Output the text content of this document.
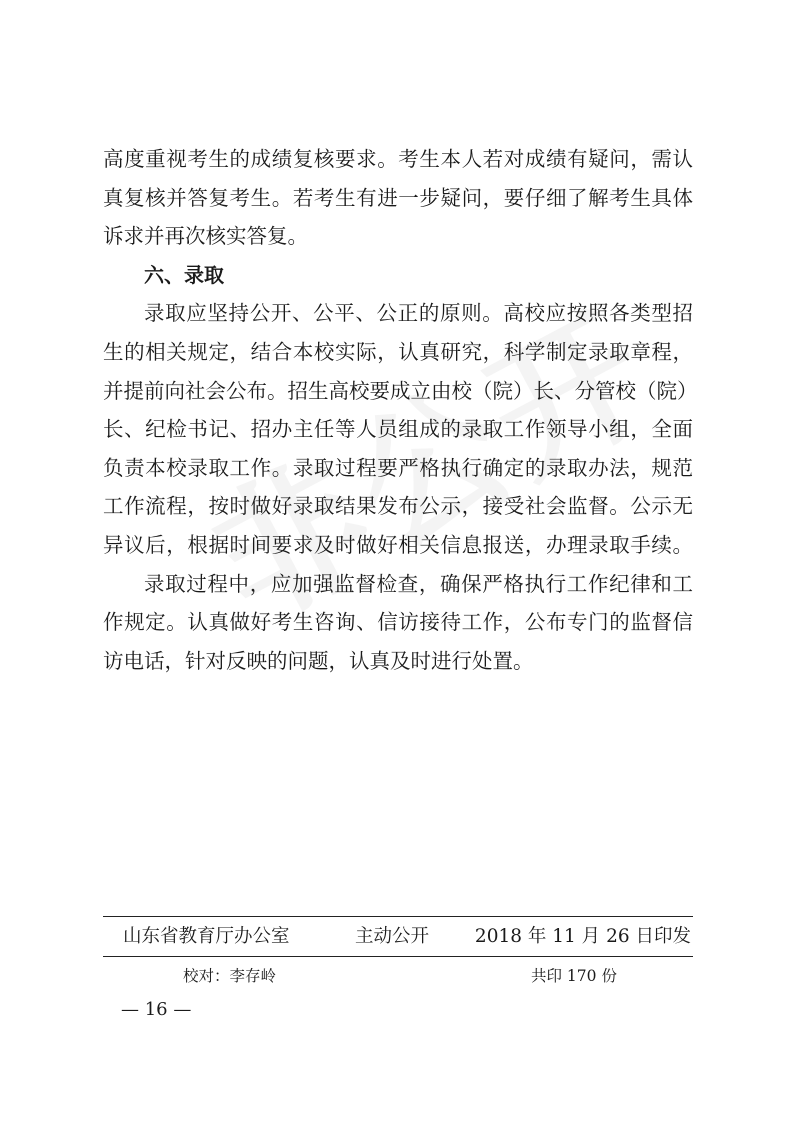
高度重视考生的成绩复核要求。考生本人若对成绩有疑问，需认
真复核并答复考生。若考生有进一步疑问，要仔细了解考生具体
诉求并再次核实答复。
六、录取
录取应坚持公开、公平、公正的原则。高校应按照各类型招
生的相关规定，结合本校实际，认真研究，科学制定录取章程，
并提前向社会公布。招生高校要成立由校（院）长、分管校（院）
长、纪检书记、招办主任等人员组成的录取工作领导小组，全面
负责本校录取工作。录取过程要严格执行确定的录取办法，规范
工作流程，按时做好录取结果发布公示，接受社会监督。公示无
异议后，根据时间要求及时做好相关信息报送，办理录取手续。
录取过程中，应加强监督检查，确保严格执行工作纪律和工
作规定。认真做好考生咨询、信访接待工作，公布专门的监督信
访电话，针对反映的问题，认真及时进行处置。
山东省教育厅办公室	主动公开 2018 年 11 月 26 日印发
校对：李存岭	共印 170 份
— 16 —
